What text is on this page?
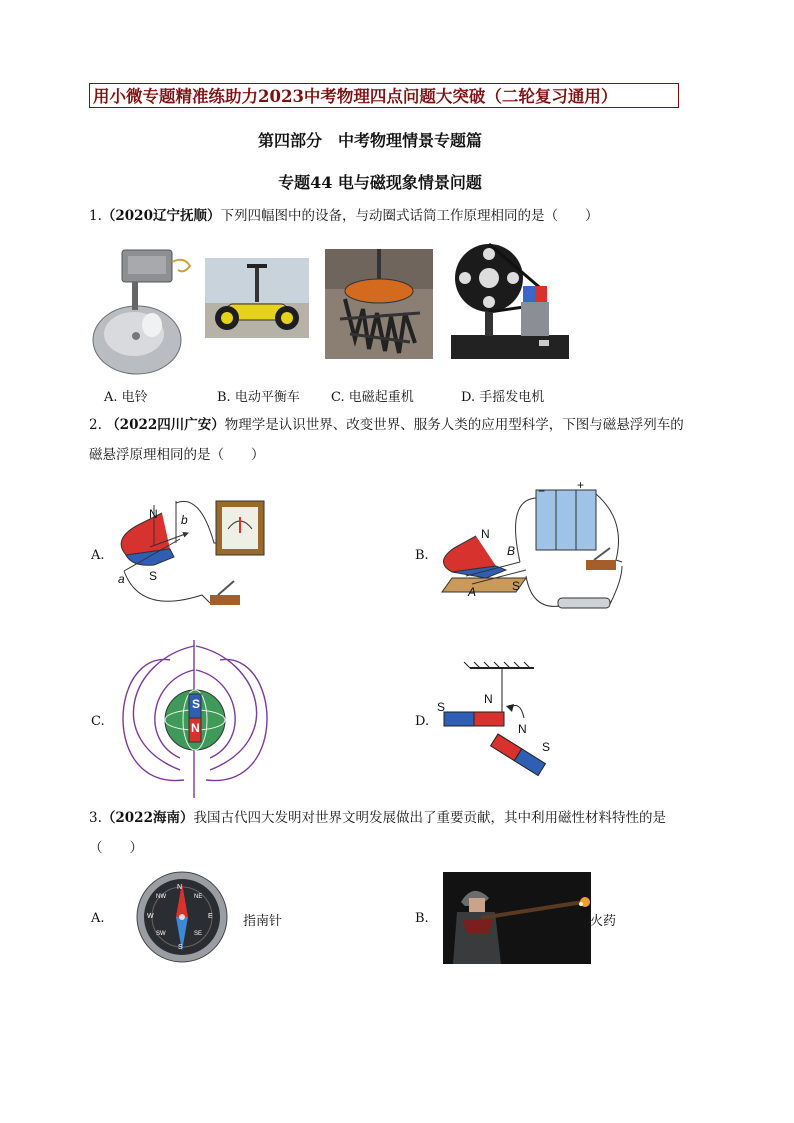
用小微专题精准练助力2023中考物理四点问题大突破（二轮复习通用）
第四部分　中考物理情景专题篇
专题44 电与磁现象情景问题
1.（2020辽宁抚顺）下列四幅图中的设备，与动圈式话筒工作原理相同的是（　　）
A. 电铃	B. 电动平衡车 C. 电磁起重机	D. 手摇发电机
2. （2022四川广安）物理学是认识世界、改变世界、服务人类的应用型科学，下图与磁悬浮列车的
磁悬浮原理相同的是（　　）
A.
N
S
a
b
B.
N
S
A
B
+
−
C.
S
N	D.
S
N
N
S
3.（2022海南）我国古代四大发明对世界文明发展做出了重要贡献，其中利用磁性材料特性的是
（　　）
A.
N
S
E
W
NE
NW
SE
SW
指南针	B.	火药
